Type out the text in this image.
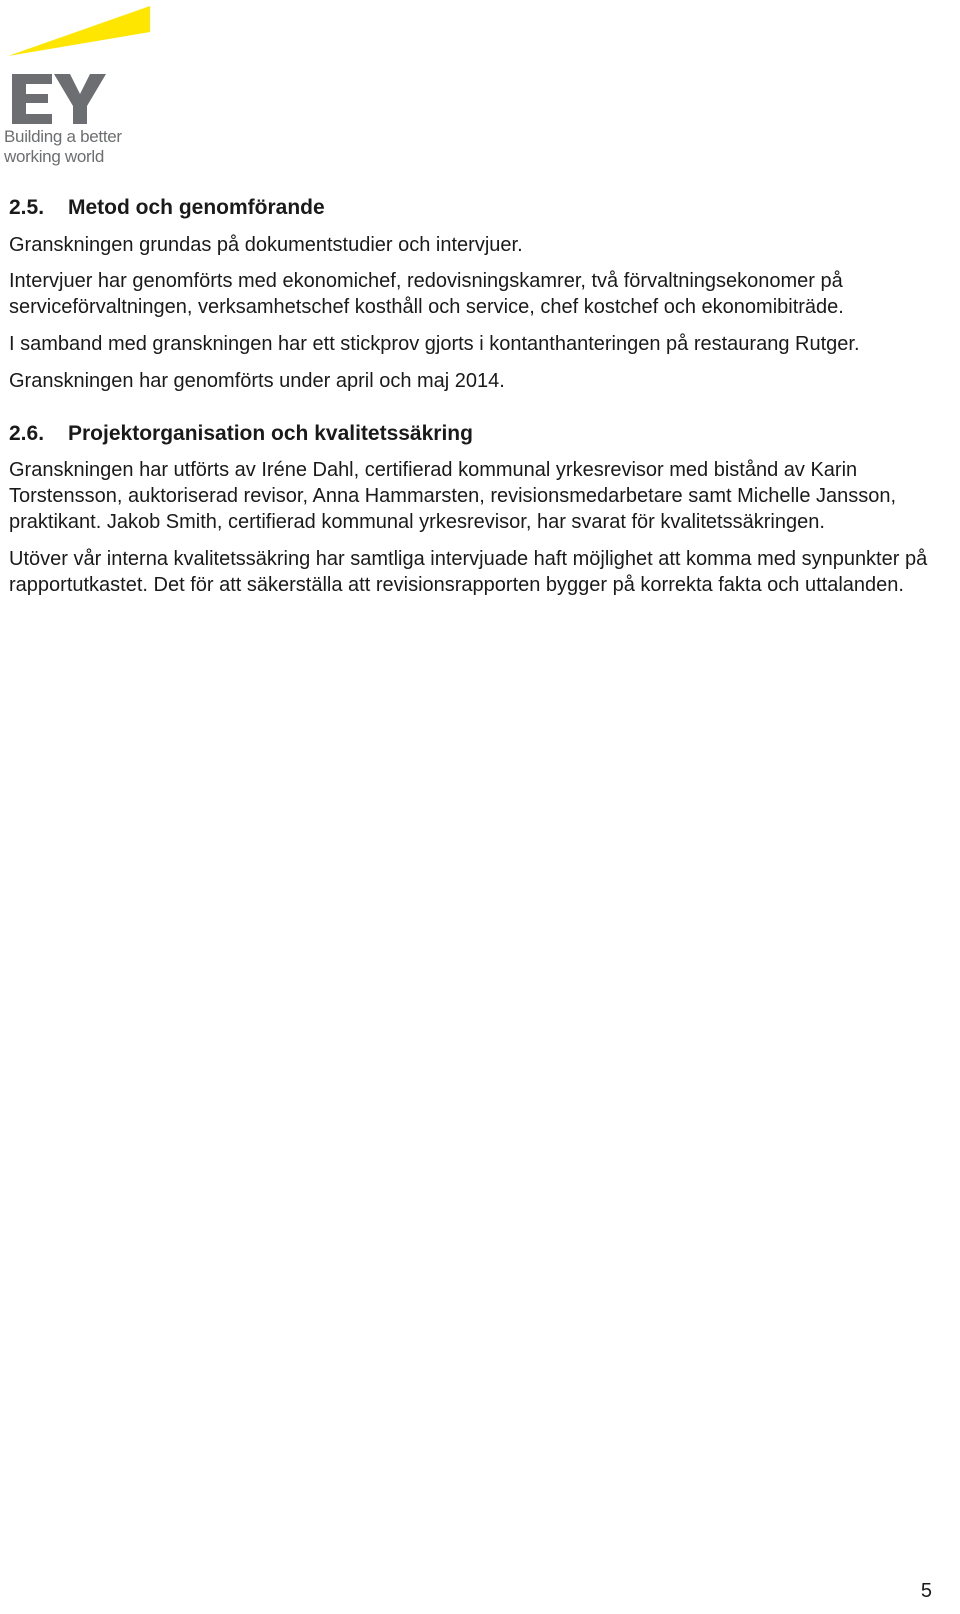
Building a better
working world
2.5.	Metod och genomförande

Granskningen grundas på dokumentstudier och intervjuer.

Intervjuer har genomförts med ekonomichef, redovisningskamrer, två förvaltningsekonomer på serviceförvaltningen, verksamhetschef kosthåll och service, chef kostchef och ekonomibiträde.

I samband med granskningen har ett stickprov gjorts i kontanthanteringen på restaurang Rutger.

Granskningen har genomförts under april och maj 2014.

2.6.	Projektorganisation och kvalitetssäkring

Granskningen har utförts av Iréne Dahl, certifierad kommunal yrkesrevisor med bistånd av Karin Torstensson, auktoriserad revisor, Anna Hammarsten, revisionsmedarbetare samt Michelle Jansson, praktikant. Jakob Smith, certifierad kommunal yrkesrevisor, har svarat för kvalitetssäkringen.

Utöver vår interna kvalitetssäkring har samtliga intervjuade haft möjlighet att komma med synpunkter på rapportutkastet. Det för att säkerställa att revisionsrapporten bygger på korrekta fakta och uttalanden.

5
